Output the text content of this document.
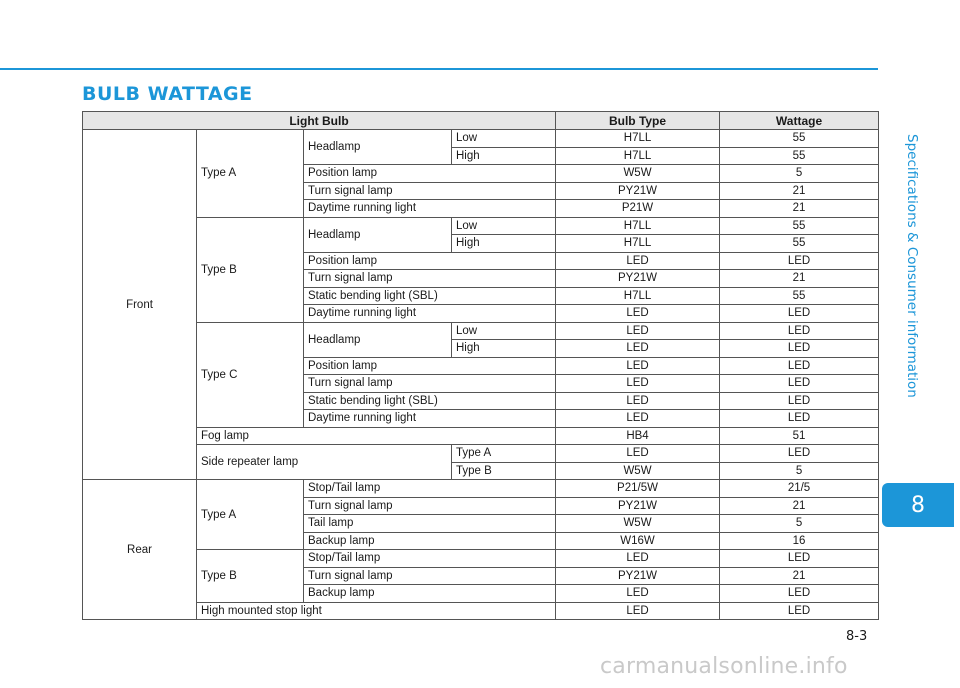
BULB WATTAGE
Specifications & Consumer information
8
Light Bulb				Bulb Type	Wattage
Front	Type A	Headlamp	Low	H7LL	55
			High	H7LL	55
		Position lamp		W5W	5
		Turn signal lamp		PY21W	21
		Daytime running light		P21W	21
	Type B	Headlamp	Low	H7LL	55
			High	H7LL	55
		Position lamp		LED	LED
		Turn signal lamp		PY21W	21
		Static bending light (SBL)		H7LL	55
		Daytime running light		LED	LED
	Type C	Headlamp	Low	LED	LED
			High	LED	LED
		Position lamp		LED	LED
		Turn signal lamp		LED	LED
		Static bending light (SBL)		LED	LED
		Daytime running light		LED	LED
	Fog lamp			HB4	51
	Side repeater lamp		Type A	LED	LED
			Type B	W5W	5
Rear	Type A	Stop/Tail lamp		P21/5W	21/5
		Turn signal lamp		PY21W	21
		Tail lamp		W5W	5
		Backup lamp		W16W	16
	Type B	Stop/Tail lamp		LED	LED
		Turn signal lamp		PY21W	21
		Backup lamp		LED	LED
	High mounted stop light			LED	LED
8-3
carmanualsonline.info
